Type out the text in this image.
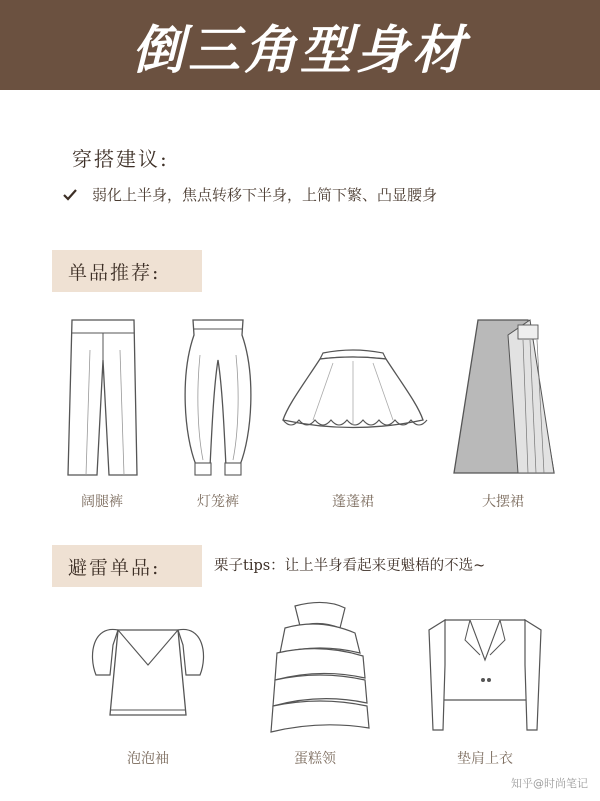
倒三角型身材
穿搭建议:
弱化上半身，焦点转移下半身，上简下繁、凸显腰身
单品推荐:
阔腿裤	灯笼裤	蓬蓬裙	大摆裙
避雷单品:	栗子tips：让上半身看起来更魁梧的不选~
泡泡袖	蛋糕领	垫肩上衣
知乎@时尚笔记
